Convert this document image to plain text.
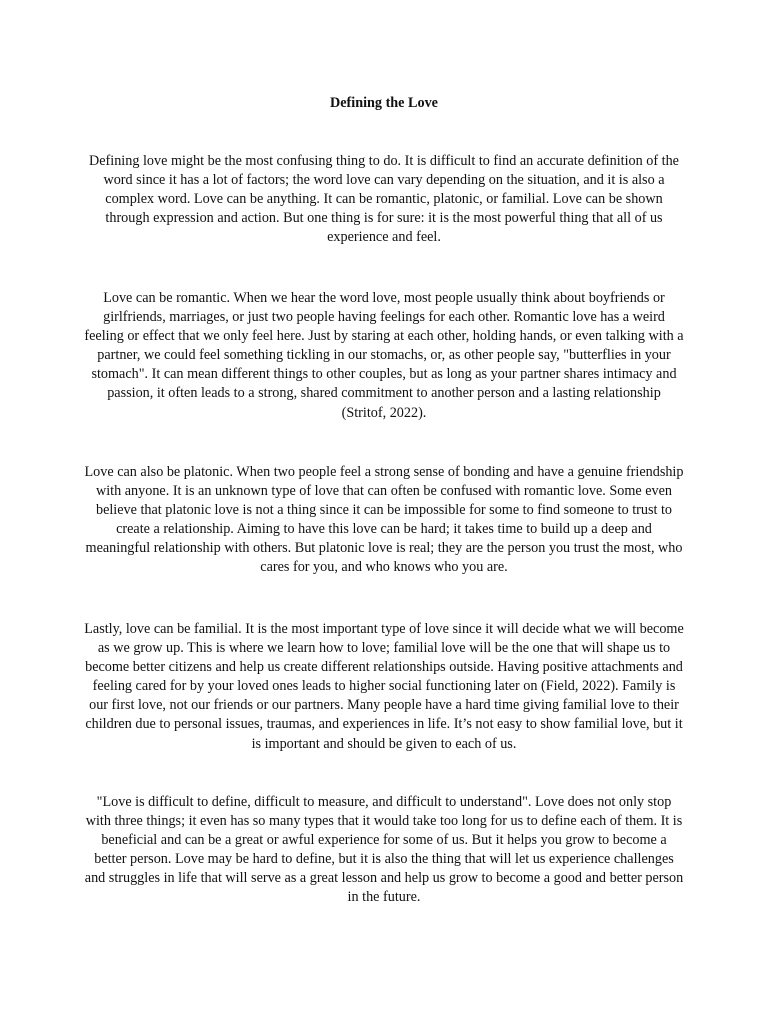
Defining the Love

Defining love might be the most confusing thing to do. It is difficult to find an accurate definition of the word since it has a lot of factors; the word love can vary depending on the situation, and it is also a complex word. Love can be anything. It can be romantic, platonic, or familial. Love can be shown through expression and action. But one thing is for sure: it is the most powerful thing that all of us experience and feel.

Love can be romantic. When we hear the word love, most people usually think about boyfriends or girlfriends, marriages, or just two people having feelings for each other. Romantic love has a weird feeling or effect that we only feel here. Just by staring at each other, holding hands, or even talking with a partner, we could feel something tickling in our stomachs, or, as other people say, "butterflies in your stomach". It can mean different things to other couples, but as long as your partner shares intimacy and passion, it often leads to a strong, shared commitment to another person and a lasting relationship (Stritof, 2022).

Love can also be platonic. When two people feel a strong sense of bonding and have a genuine friendship with anyone. It is an unknown type of love that can often be confused with romantic love. Some even believe that platonic love is not a thing since it can be impossible for some to find someone to trust to create a relationship. Aiming to have this love can be hard; it takes time to build up a deep and meaningful relationship with others. But platonic love is real; they are the person you trust the most, who cares for you, and who knows who you are.

Lastly, love can be familial. It is the most important type of love since it will decide what we will become as we grow up. This is where we learn how to love; familial love will be the one that will shape us to become better citizens and help us create different relationships outside. Having positive attachments and feeling cared for by your loved ones leads to higher social functioning later on (Field, 2022). Family is our first love, not our friends or our partners. Many people have a hard time giving familial love to their children due to personal issues, traumas, and experiences in life. It’s not easy to show familial love, but it is important and should be given to each of us.

"Love is difficult to define, difficult to measure, and difficult to understand". Love does not only stop with three things; it even has so many types that it would take too long for us to define each of them. It is beneficial and can be a great or awful experience for some of us. But it helps you grow to become a better person. Love may be hard to define, but it is also the thing that will let us experience challenges and struggles in life that will serve as a great lesson and help us grow to become a good and better person in the future.
